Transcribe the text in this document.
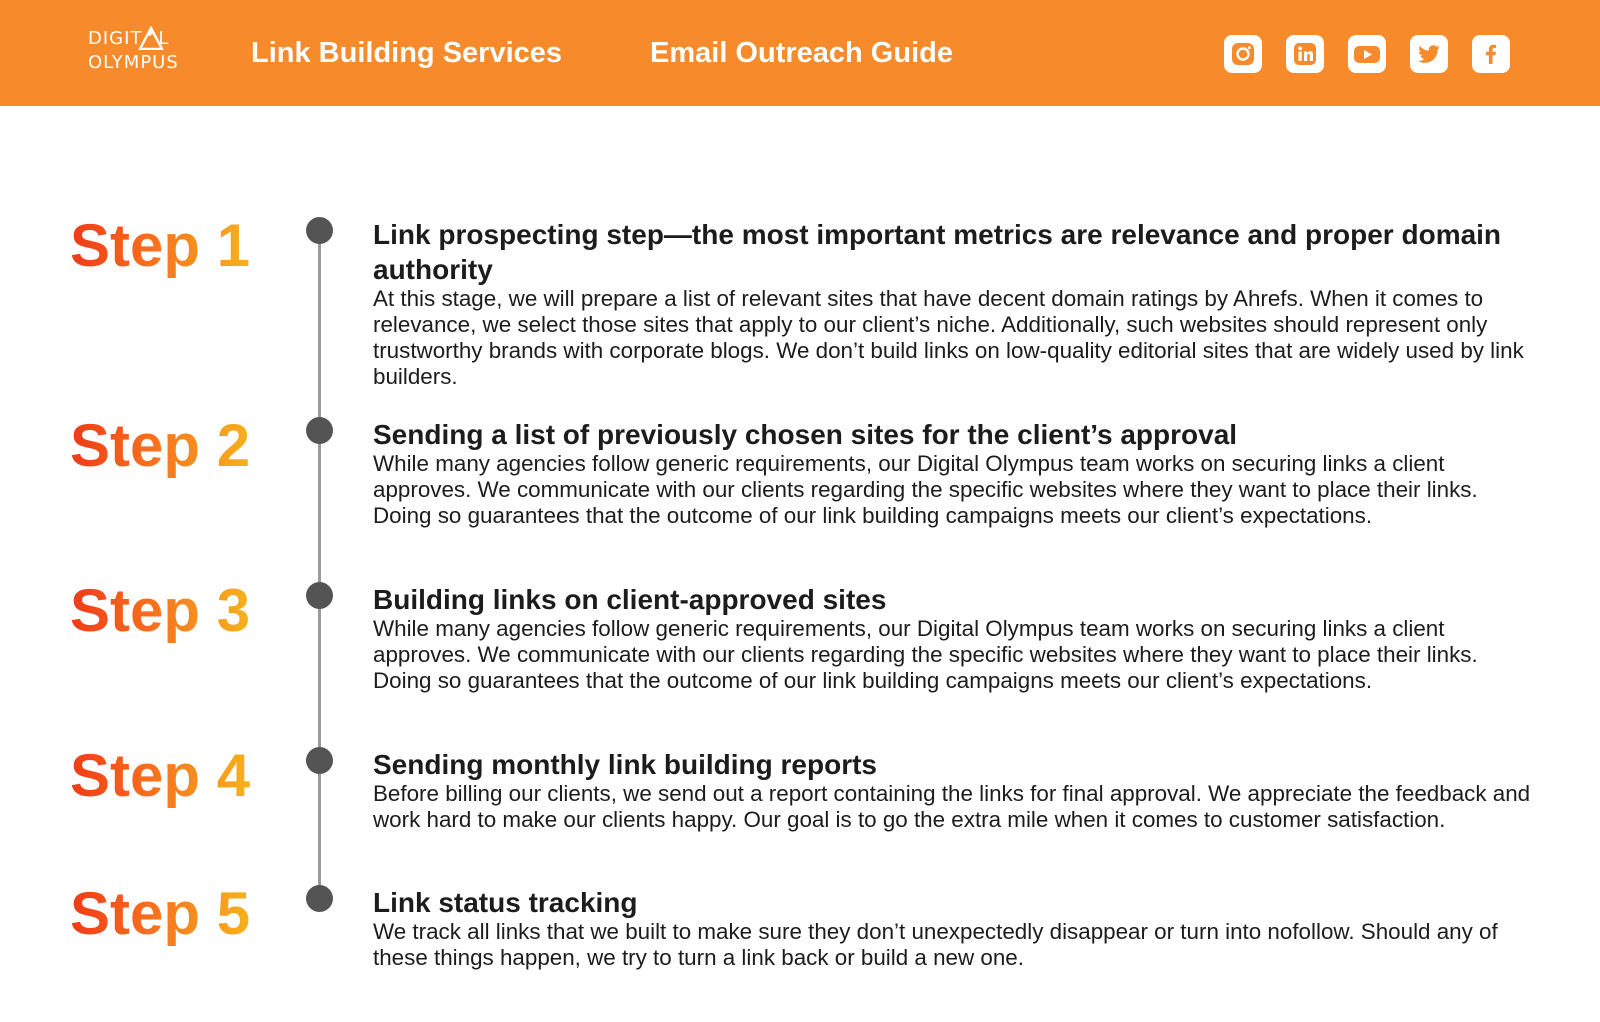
DIGIT L
OLYMPUS Link Building Services	Email Outreach Guide
Step 1	Link prospecting step—the most important metrics are relevance and proper domain authority
At this stage, we will prepare a list of relevant sites that have decent domain ratings by Ahrefs. When it comes to relevance, we select those sites that apply to our client’s niche. Additionally, such websites should represent only trustworthy brands with corporate blogs. We don’t build links on low-quality editorial sites that are widely used by link builders.
Step 2	Sending a list of previously chosen sites for the client’s approval
While many agencies follow generic requirements, our Digital Olympus team works on securing links a client approves. We communicate with our clients regarding the specific websites where they want to place their links. Doing so guarantees that the outcome of our link building campaigns meets our client’s expectations.
Step 3	Building links on client-approved sites
While many agencies follow generic requirements, our Digital Olympus team works on securing links a client approves. We communicate with our clients regarding the specific websites where they want to place their links. Doing so guarantees that the outcome of our link building campaigns meets our client’s expectations.
Step 4	Sending monthly link building reports
Before billing our clients, we send out a report containing the links for final approval. We appreciate the feedback and work hard to make our clients happy. Our goal is to go the extra mile when it comes to customer satisfaction.
Step 5	Link status tracking
We track all links that we built to make sure they don’t unexpectedly disappear or turn into nofollow. Should any of these things happen, we try to turn a link back or build a new one.
